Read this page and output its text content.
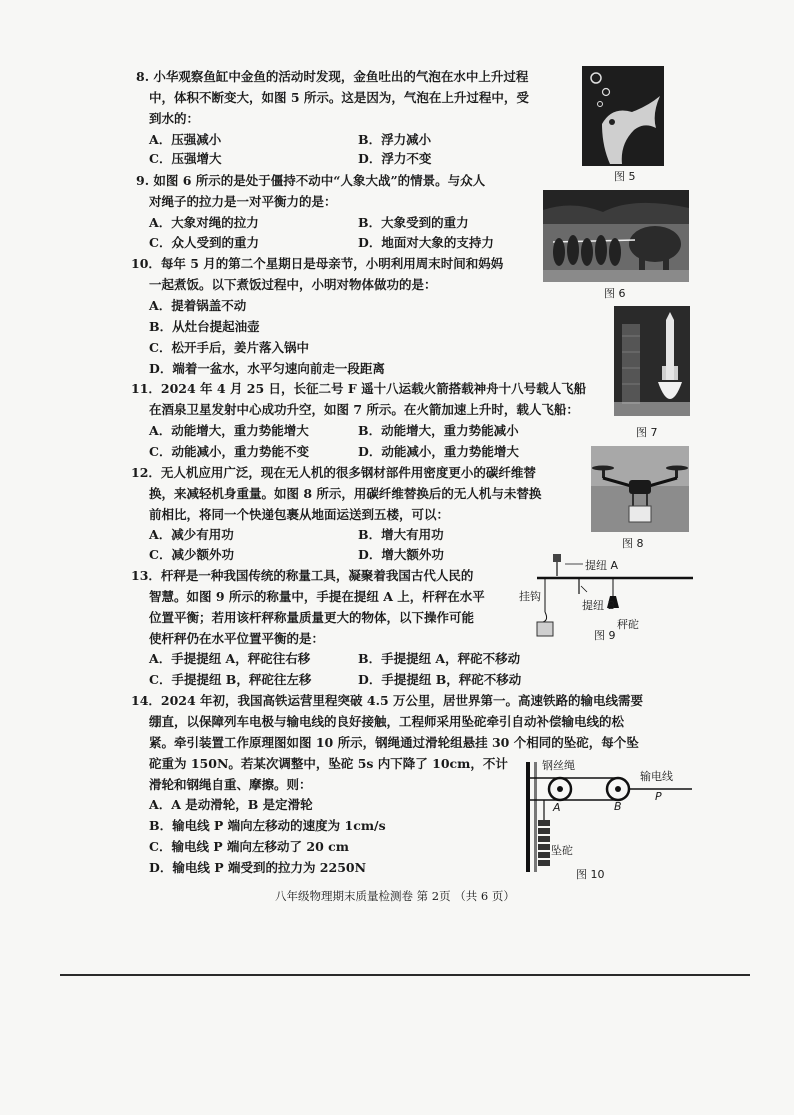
8. 小华观察鱼缸中金鱼的活动时发现，金鱼吐出的气泡在水中上升过程
中，体积不断变大，如图 5 所示。这是因为，气泡在上升过程中，受
到水的：
A．压强减小	B．浮力减小
C．压强增大	D．浮力不变
图 5
9. 如图 6 所示的是处于僵持不动中“人象大战”的情景。与众人
对绳子的拉力是一对平衡力的是：
A．大象对绳的拉力	B．大象受到的重力
C．众人受到的重力	D．地面对大象的支持力
图 6
10．每年 5 月的第二个星期日是母亲节，小明利用周末时间和妈妈
一起煮饭。以下煮饭过程中，小明对物体做功的是：
A．提着锅盖不动
B．从灶台提起油壶
C．松开手后，姜片落入锅中
D．端着一盆水，水平匀速向前走一段距离
11．2024 年 4 月 25 日，长征二号 F 遥十八运载火箭搭载神舟十八号载人飞船
在酒泉卫星发射中心成功升空，如图 7 所示。在火箭加速上升时，载人飞船：
A．动能增大，重力势能增大	B．动能增大，重力势能减小
C．动能减小，重力势能不变	D．动能减小，重力势能增大
图 7
12．无人机应用广泛，现在无人机的很多钢材部件用密度更小的碳纤维替
换，来减轻机身重量。如图 8 所示，用碳纤维替换后的无人机与未替换
前相比，将同一个快递包裹从地面运送到五楼，可以：
A．减少有用功	B．增大有用功
C．减少额外功	D．增大额外功
图 8
13．杆秤是一种我国传统的称量工具，凝聚着我国古代人民的
智慧。如图 9 所示的称量中，手提在提纽 A 上，杆秤在水平
位置平衡；若用该杆秤称量质量更大的物体，以下操作可能
使杆秤仍在水平位置平衡的是：
A．手提提纽 A，秤砣往右移	B．手提提纽 A，秤砣不移动
C．手提提纽 B，秤砣往左移	D．手提提纽 B，秤砣不移动
提纽 A
挂钩
提纽 B
秤砣
图 9
14．2024 年初，我国高铁运营里程突破 4.5 万公里，居世界第一。高速铁路的输电线需要
绷直，以保障列车电极与输电线的良好接触，工程师采用坠砣牵引自动补偿输电线的松
紧。牵引装置工作原理图如图 10 所示，钢绳通过滑轮组悬挂 30 个相同的坠砣，每个坠
砣重为 150N。若某次调整中，坠砣 5s 内下降了 10cm，不计
滑轮和钢绳自重、摩擦。则：
A．A 是动滑轮，B 是定滑轮
B．输电线 P 端向左移动的速度为 1cm/s
C．输电线 P 端向左移动了 20 cm
D．输电线 P 端受到的拉力为 2250N
钢丝绳
输电线
P
A	B
坠砣
图 10
八年级物理期末质量检测卷 第 2页 （共 6 页）
